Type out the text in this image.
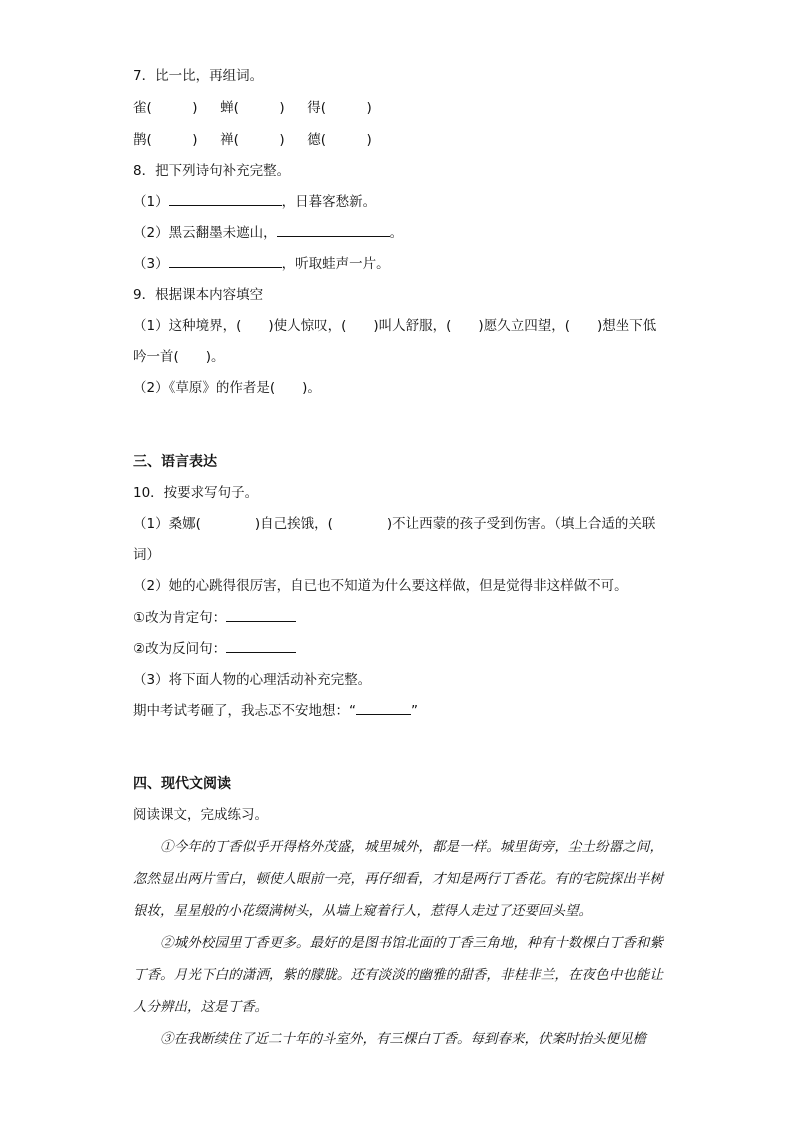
7．比一比，再组词。
雀(　　　) 蝉(　　　) 得(　　　)
鹊(　　　) 禅(　　　) 德(　　　)
8．把下列诗句补充完整。
（1）	，日暮客愁新。
（2）黑云翻墨未遮山，	。
（3）	，听取蛙声一片。
9．根据课本内容填空
（1）这种境界，(　　)使人惊叹，(　　)叫人舒服，(　　)愿久立四望，(　　)想坐下低
吟一首(　　)。
（2）《草原》的作者是(　　)。
三、语言表达
10．按要求写句子。
（1）桑娜(　　　　)自己挨饿，(　　　　)不让西蒙的孩子受到伤害。（填上合适的关联
词）
（2）她的心跳得很厉害，自已也不知道为什么要这样做，但是觉得非这样做不可。
①改为肯定句：
②改为反问句：
（3）将下面人物的心理活动补充完整。
期中考试考砸了，我忐忑不安地想：“	”
四、现代文阅读
阅读课文，完成练习。

①今年的丁香似乎开得格外茂盛，城里城外，都是一样。城里街旁，尘土纷嚣之间，忽然显出两片雪白，顿使人眼前一亮，再仔细看，才知是两行丁香花。有的宅院探出半树银妆，星星般的小花缀满树头，从墙上窥着行人，惹得人走过了还要回头望。

②城外校园里丁香更多。最好的是图书馆北面的丁香三角地，种有十数棵白丁香和紫丁香。月光下白的潇洒，紫的朦胧。还有淡淡的幽雅的甜香，非桂非兰，在夜色中也能让人分辨出，这是丁香。

③在我断续住了近二十年的斗室外，有三棵白丁香。每到春来，伏案时抬头便见檐
